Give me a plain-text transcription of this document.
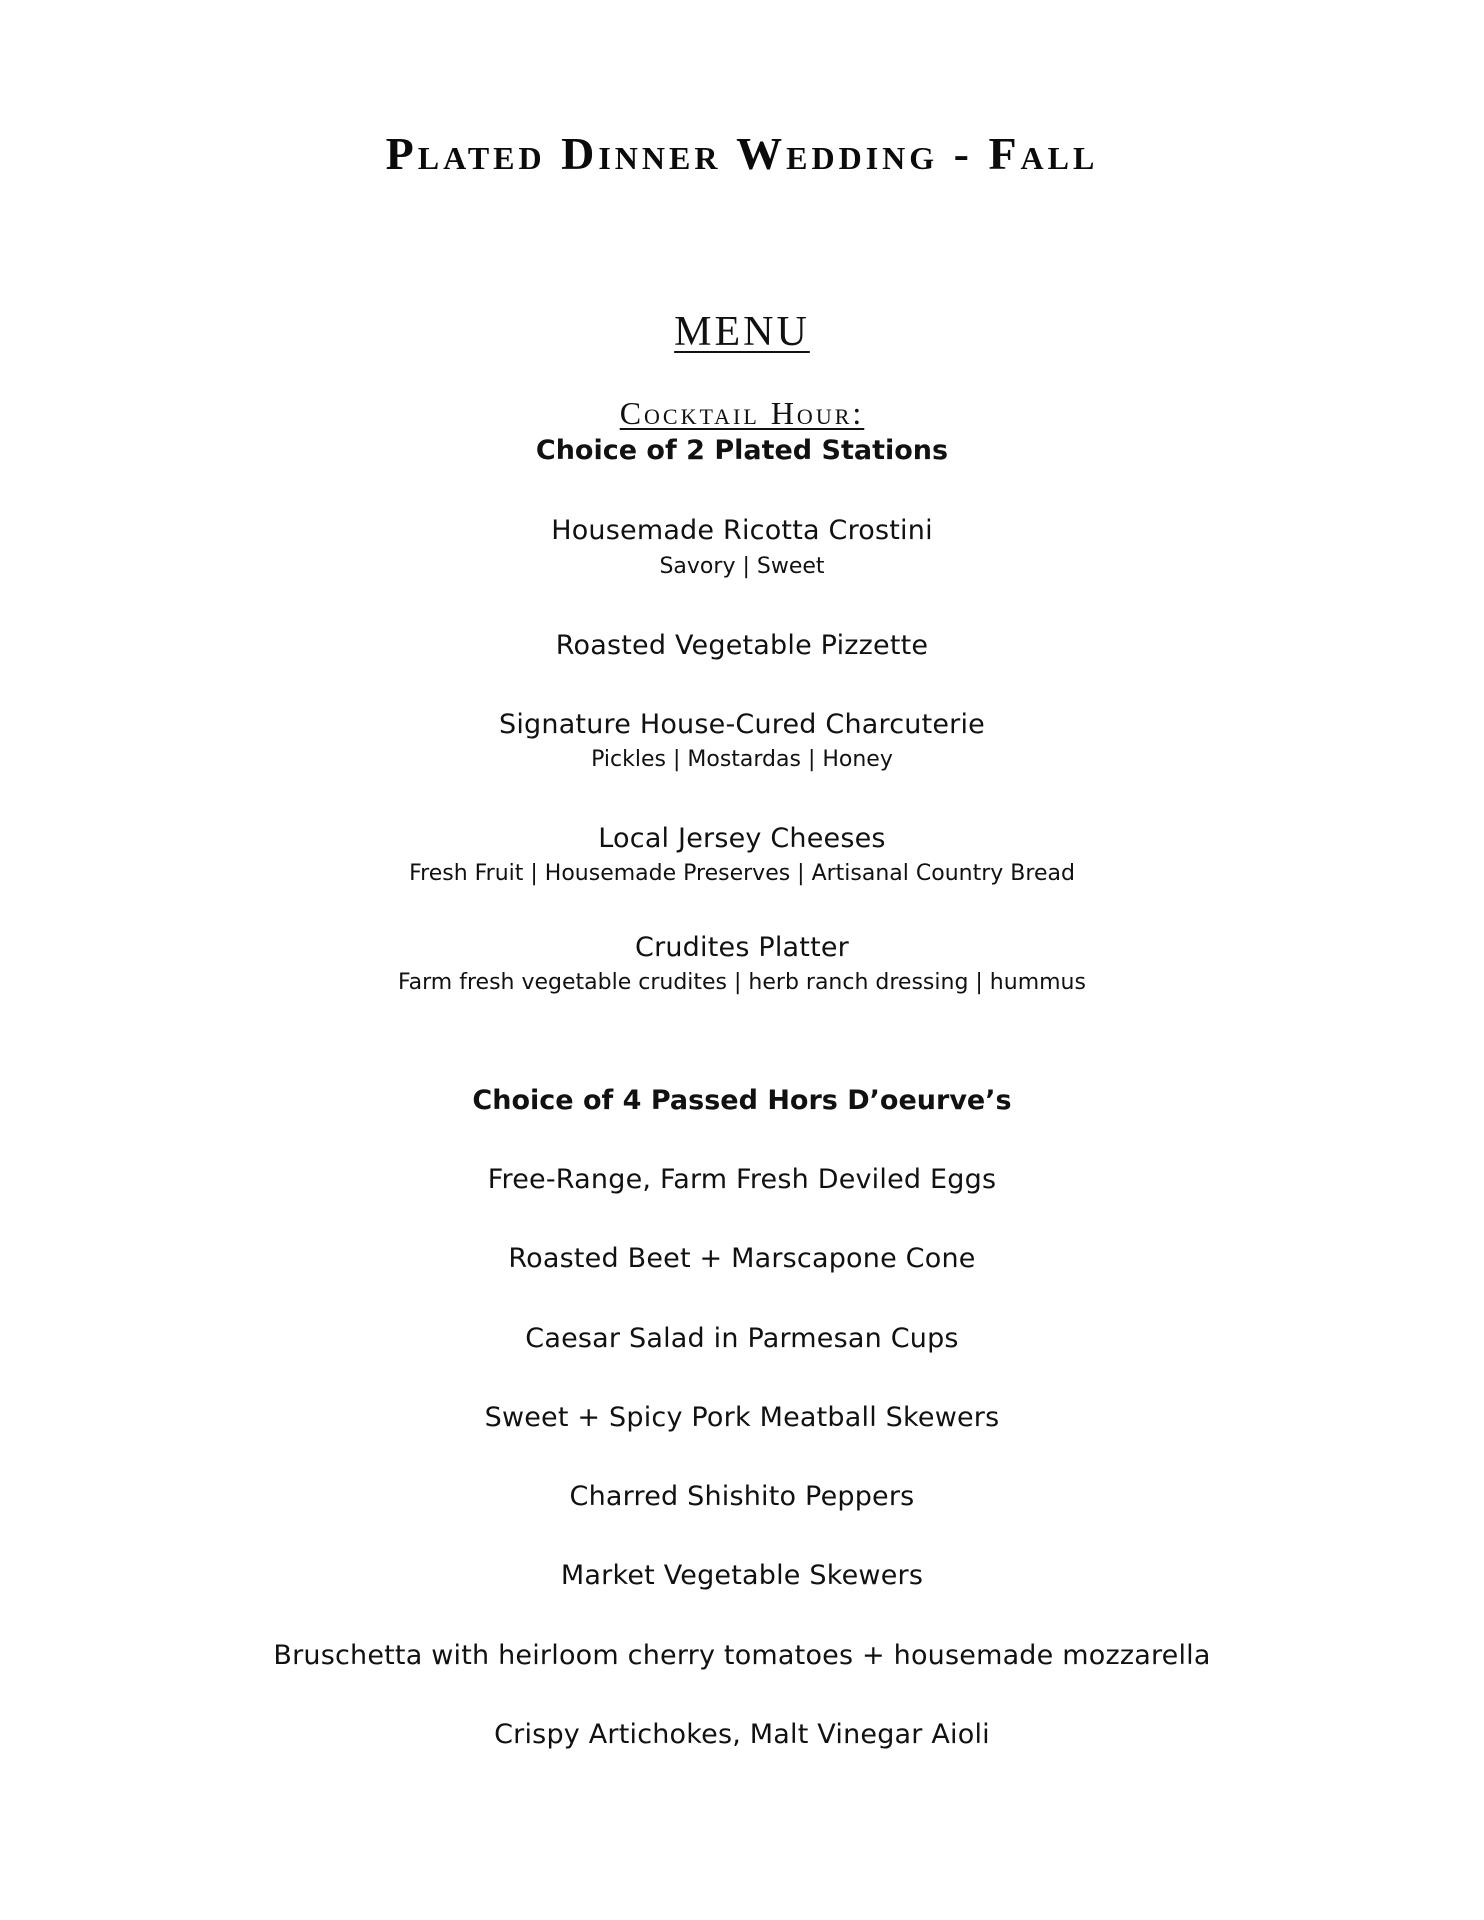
Plated Dinner Wedding - Fall
MENU
Cocktail Hour:
Choice of 2 Plated Stations
Housemade Ricotta Crostini
Savory | Sweet
Roasted Vegetable Pizzette
Signature House-Cured Charcuterie
Pickles | Mostardas | Honey
Local Jersey Cheeses
Fresh Fruit | Housemade Preserves | Artisanal Country Bread
Crudites Platter
Farm fresh vegetable crudites | herb ranch dressing | hummus
Choice of 4 Passed Hors D’oeurve’s
Free-Range, Farm Fresh Deviled Eggs
Roasted Beet + Marscapone Cone
Caesar Salad in Parmesan Cups
Sweet + Spicy Pork Meatball Skewers
Charred Shishito Peppers
Market Vegetable Skewers
Bruschetta with heirloom cherry tomatoes + housemade mozzarella
Crispy Artichokes, Malt Vinegar Aioli
